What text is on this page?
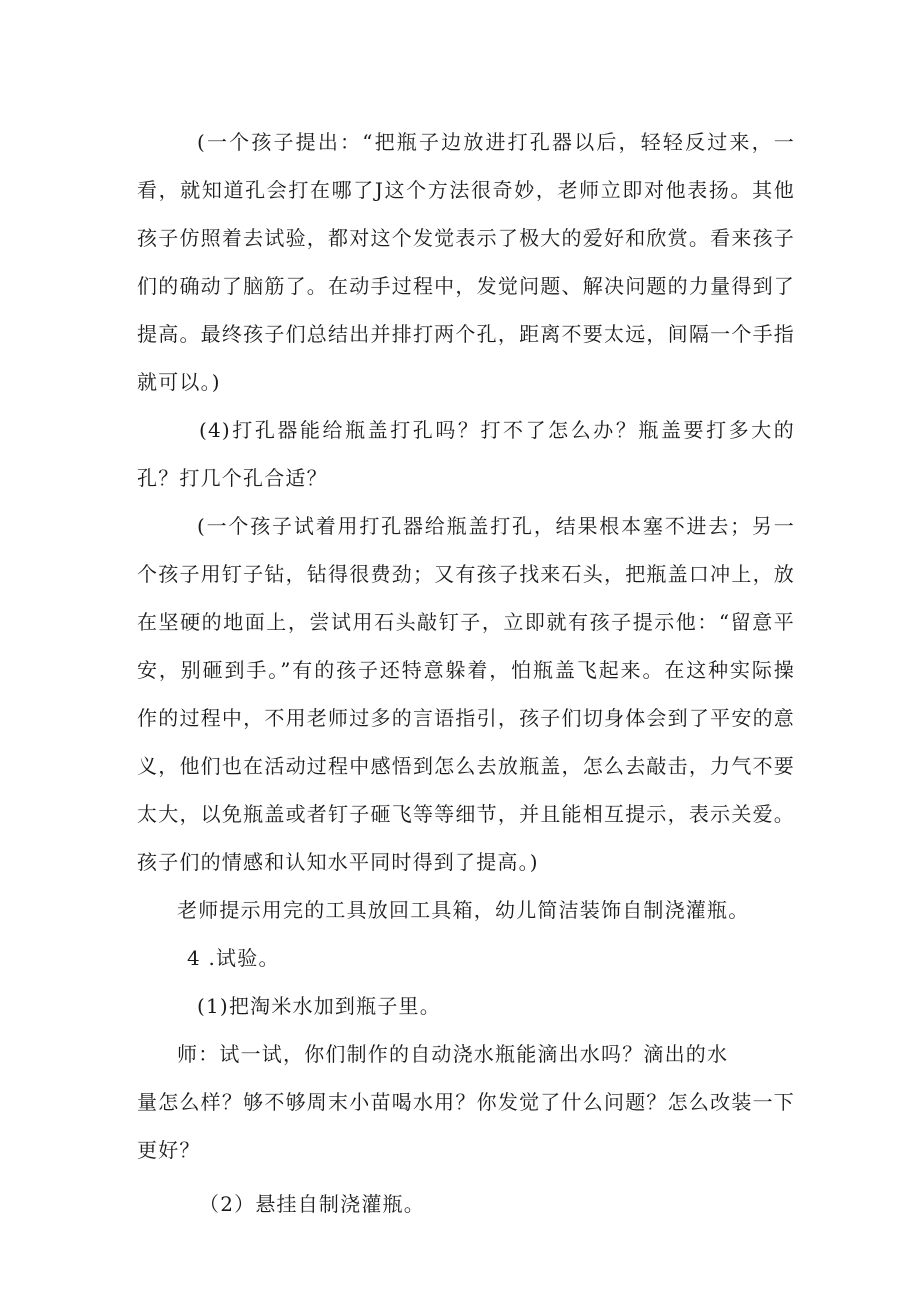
(一个孩子提出：“把瓶子边放进打孔器以后，轻轻反过来，一看，就知道孔会打在哪了J这个方法很奇妙，老师立即对他表扬。其他孩子仿照着去试验，都对这个发觉表示了极大的爱好和欣赏。看来孩子们的确动了脑筋了。在动手过程中，发觉问题、解决问题的力量得到了提高。最终孩子们总结出并排打两个孔，距离不要太远，间隔一个手指就可以。)

(4)打孔器能给瓶盖打孔吗？打不了怎么办？瓶盖要打多大的孔？打几个孔合适？

(一个孩子试着用打孔器给瓶盖打孔，结果根本塞不进去；另一个孩子用钉子钻，钻得很费劲；又有孩子找来石头，把瓶盖口冲上，放在坚硬的地面上，尝试用石头敲钉子，立即就有孩子提示他：“留意平安，别砸到手。”有的孩子还特意躲着，怕瓶盖飞起来。在这种实际操作的过程中，不用老师过多的言语指引，孩子们切身体会到了平安的意义，他们也在活动过程中感悟到怎么去放瓶盖，怎么去敲击，力气不要太大，以免瓶盖或者钉子砸飞等等细节，并且能相互提示，表示关爱。孩子们的情感和认知水平同时得到了提高。)

老师提示用完的工具放回工具箱，幼儿简洁装饰自制浇灌瓶。

4 .试验。

(1)把淘米水加到瓶子里。

师：试一试，你们制作的自动浇水瓶能滴出水吗？滴出的水

量怎么样？够不够周末小苗喝水用？你发觉了什么问题？怎么改装一下更好？

（2）悬挂自制浇灌瓶。
